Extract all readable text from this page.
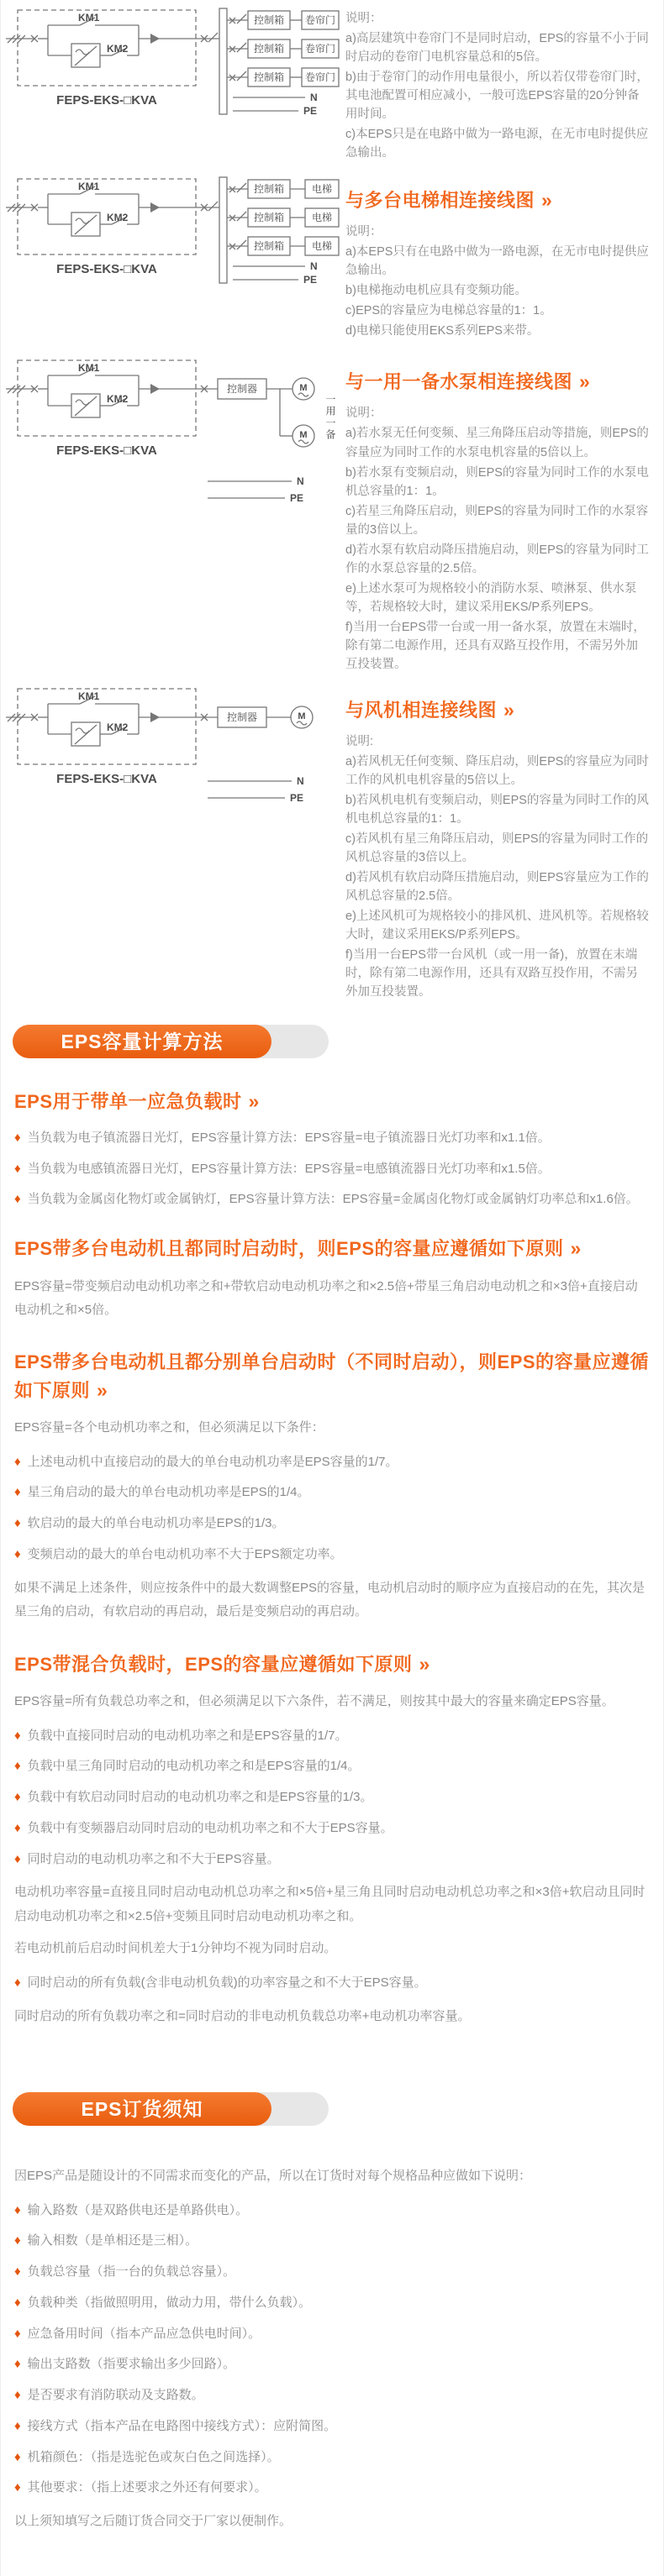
KM1
KM2
FEPS-EKS-□KVA
控制箱 卷帘门
控制箱 卷帘门
控制箱 卷帘门
N
PE
说明：

a)高层建筑中卷帘门不是同时启动，EPS的容量不小于同时启动的卷帘门电机容量总和的5倍。

b)由于卷帘门的动作用电量很小，所以若仅带卷帘门时，其电池配置可相应减小，一般可选EPS容量的20分钟备用时间。

c)本EPS只是在电路中做为一路电源，在无市电时提供应急输出。

KM1
KM2
FEPS-EKS-□KVA
控制箱	电梯
控制箱	电梯
控制箱	电梯
N
PE
与多台电梯相连接线图 »
说明：

a)本EPS只有在电路中做为一路电源，在无市电时提供应急输出。

b)电梯拖动电机应具有变频功能。

c)EPS的容量应为电梯总容量的1：1。

d)电梯只能使用EKS系列EPS来带。

KM1
KM2
FEPS-EKS-□KVA
控制器	M
M
N
PE
一用一备
与一用一备水泵相连接线图 »
说明：

a)若水泵无任何变频、星三角降压启动等措施，则EPS的容量应为同时工作的水泵电机容量的5倍以上。

b)若水泵有变频启动，则EPS的容量为同时工作的水泵电机总容量的1：1。

c)若星三角降压启动，则EPS的容量为同时工作的水泵容量的3倍以上。

d)若水泵有软启动降压措施启动，则EPS的容量为同时工作的水泵总容量的2.5倍。

e)上述水泵可为规格较小的消防水泵、喷淋泵、供水泵等，若规格较大时，建议采用EKS/P系列EPS。

f)当用一台EPS带一台或一用一备水泵，放置在末端时，除有第二电源作用，还具有双路互投作用，不需另外加互投装置。

KM1
KM2
FEPS-EKS-□KVA
控制器	M
N
PE
与风机相连接线图 »
说明:

a)若风机无任何变频、降压启动，则EPS的容量应为同时工作的风机电机容量的5倍以上。

b)若风机电机有变频启动，则EPS的容量为同时工作的风机电机总容量的1：1。

c)若风机有星三角降压启动，则EPS的容量为同时工作的风机总容量的3倍以上。

d)若风机有软启动降压措施启动，则EPS容量应为工作的风机总容量的2.5倍。

e)上述风机可为规格较小的排风机、进风机等。若规格较大时，建议采用EKS/P系列EPS。

f)当用一台EPS带一台风机（或一用一备)，放置在末端时，除有第二电源作用，还具有双路互投作用，不需另外加互投装置。

EPS容量计算方法
EPS用于带单一应急负载时 »
♦ 当负载为电子镇流器日光灯，EPS容量计算方法：EPS容量=电子镇流器日光灯功率和x1.1倍。
♦ 当负载为电感镇流器日光灯，EPS容量计算方法：EPS容量=电感镇流器日光灯功率和x1.5倍。
♦ 当负载为金属卤化物灯或金属钠灯，EPS容量计算方法：EPS容量=金属卤化物灯或金属钠灯功率总和x1.6倍。
EPS带多台电动机且都同时启动时，则EPS的容量应遵循如下原则 »

EPS容量=带变频启动电动机功率之和+带软启动电动机功率之和×2.5倍+带星三角启动电动机之和×3倍+直接启动电动机之和×5倍。

EPS带多台电动机且都分别单台启动时（不同时启动），则EPS的容量应遵循如下原则 »

EPS容量=各个电动机功率之和，但必须满足以下条件：

♦ 上述电动机中直接启动的最大的单台电动机功率是EPS容量的1/7。
♦ 星三角启动的最大的单台电动机功率是EPS的1/4。
♦ 软启动的最大的单台电动机功率是EPS的1/3。
♦ 变频启动的最大的单台电动机功率不大于EPS额定功率。

如果不满足上述条件，则应按条件中的最大数调整EPS的容量，电动机启动时的顺序应为直接启动的在先，其次是星三角的启动，有软启动的再启动，最后是变频启动的再启动。

EPS带混合负载时，EPS的容量应遵循如下原则 »

EPS容量=所有负载总功率之和，但必须满足以下六条件，若不满足，则按其中最大的容量来确定EPS容量。

♦ 负载中直接同时启动的电动机功率之和是EPS容量的1/7。
♦ 负载中星三角同时启动的电动机功率之和是EPS容量的1/4。
♦ 负载中有软启动同时启动的电动机功率之和是EPS容量的1/3。
♦ 负载中有变频器启动同时启动的电动机功率之和不大于EPS容量。
♦ 同时启动的电动机功率之和不大于EPS容量。

电动机功率容量=直接且同时启动电动机总功率之和×5倍+星三角且同时启动电动机总功率之和×3倍+软启动且同时启动电动机功率之和×2.5倍+变频且同时启动电动机功率之和。

若电动机前后启动时间机差大于1分钟均不视为同时启动。

♦ 同时启动的所有负载(含非电动机负载)的功率容量之和不大于EPS容量。

同时启动的所有负载功率之和=同时启动的非电动机负载总功率+电动机功率容量。

EPS订货须知

因EPS产品是随设计的不同需求而变化的产品，所以在订货时对每个规格品种应做如下说明：

♦ 输入路数（是双路供电还是单路供电）。
♦ 输入相数（是单相还是三相）。
♦ 负载总容量（指一台的负载总容量）。
♦ 负载种类（指做照明用，做动力用，带什么负载）。
♦ 应急备用时间（指本产品应急供电时间）。
♦ 输出支路数（指要求输出多少回路）。
♦ 是否要求有消防联动及支路数。
♦ 接线方式（指本产品在电路图中接线方式）：应附简图。
♦ 机箱颜色：（指是选驼色或灰白色之间选择）。
♦ 其他要求：（指上述要求之外还有何要求）。

以上须知填写之后随订货合同交于厂家以便制作。
